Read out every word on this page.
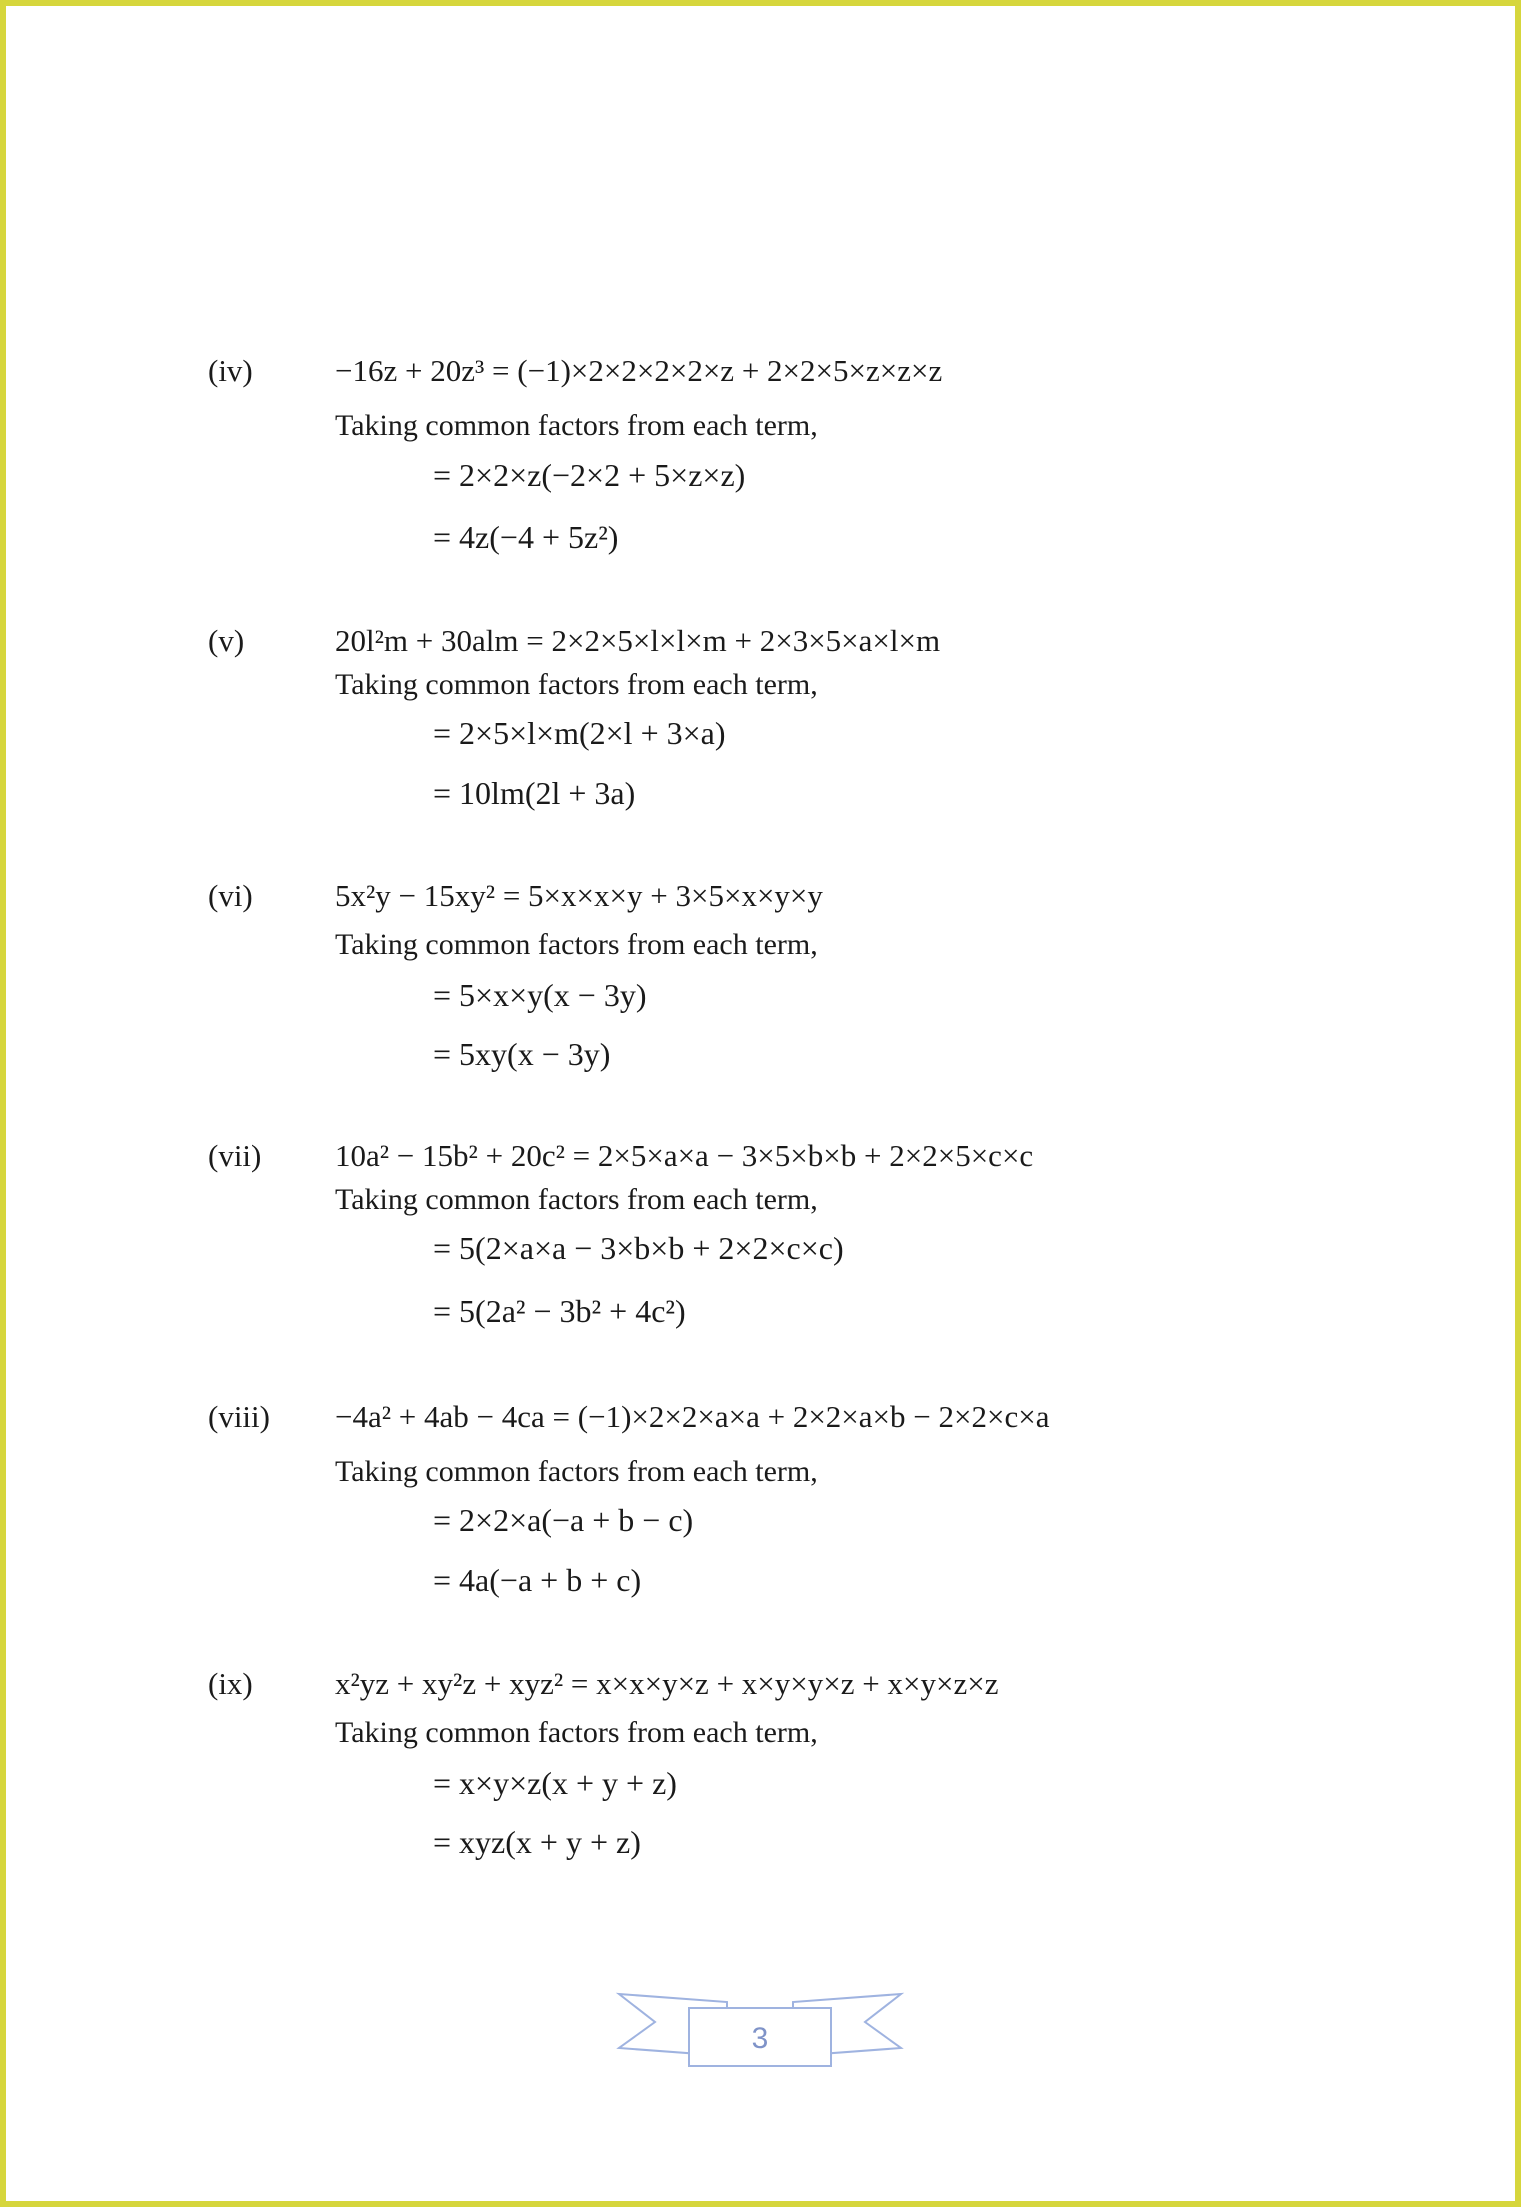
(iv)	−16z + 20z³ = (−1)×2×2×2×2×z + 2×2×5×z×z×z
Taking common factors from each term,
= 2×2×z(−2×2 + 5×z×z)
= 4z(−4 + 5z²)
(v)	20l²m + 30alm = 2×2×5×l×l×m + 2×3×5×a×l×m
Taking common factors from each term,
= 2×5×l×m(2×l + 3×a)
= 10lm(2l + 3a)
(vi)	5x²y − 15xy² = 5×x×x×y + 3×5×x×y×y
Taking common factors from each term,
= 5×x×y(x − 3y)
= 5xy(x − 3y)
(vii) 10a² − 15b² + 20c² = 2×5×a×a − 3×5×b×b + 2×2×5×c×c
Taking common factors from each term,
= 5(2×a×a − 3×b×b + 2×2×c×c)
= 5(2a² − 3b² + 4c²)
(viii) −4a² + 4ab − 4ca = (−1)×2×2×a×a + 2×2×a×b − 2×2×c×a
Taking common factors from each term,
= 2×2×a(−a + b − c)
= 4a(−a + b + c)
(ix)	x²yz + xy²z + xyz² = x×x×y×z + x×y×y×z + x×y×z×z
Taking common factors from each term,
= x×y×z(x + y + z)
= xyz(x + y + z)
3
